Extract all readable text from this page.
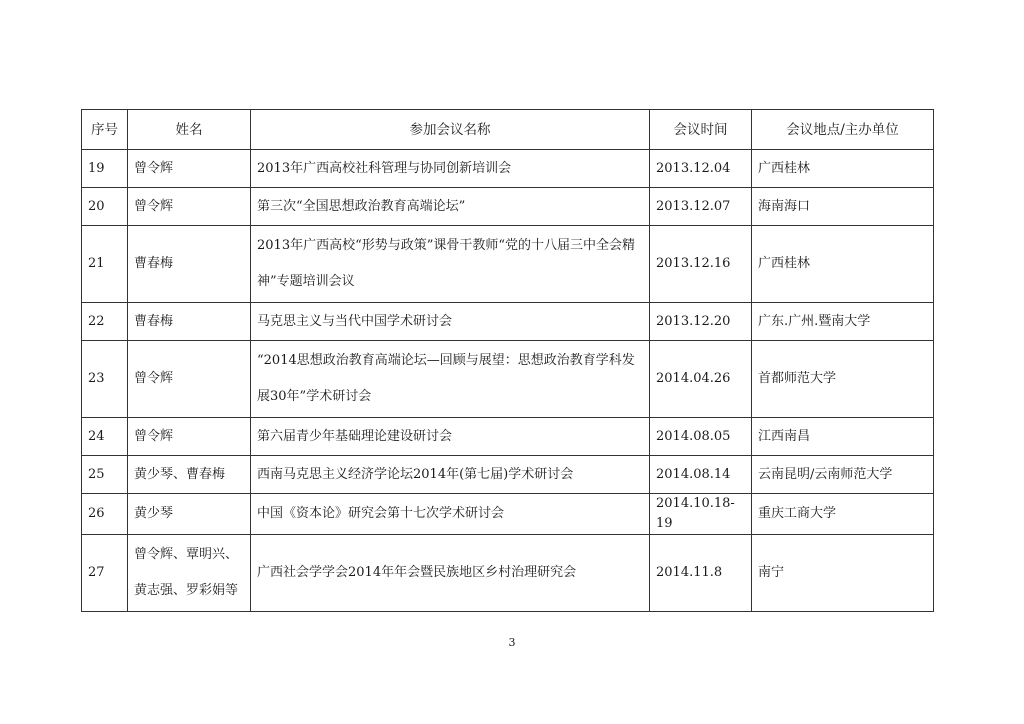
序号	姓名	参加会议名称	会议时间	会议地点/主办单位
19	曾令辉	2013年广西高校社科管理与协同创新培训会	2013.12.04	广西桂林
20	曾令辉	第三次“全国思想政治教育高端论坛”	2013.12.07	海南海口
21	曹春梅	2013年广西高校“形势与政策”课骨干教师“党的十八届三中全会精神”专题培训会议	2013.12.16	广西桂林
22	曹春梅	马克思主义与当代中国学术研讨会	2013.12.20	广东.广州.暨南大学
23	曾令辉	“2014思想政治教育高端论坛—回顾与展望：思想政治教育学科发展30年”学术研讨会	2014.04.26	首都师范大学
24	曾令辉	第六届青少年基础理论建设研讨会	2014.08.05	江西南昌
25	黄少琴、曹春梅	西南马克思主义经济学论坛2014年(第七届)学术研讨会	2014.08.14	云南昆明/云南师范大学
26	黄少琴	中国《资本论》研究会第十七次学术研讨会	2014.10.18-19	重庆工商大学
27	曾令辉、覃明兴、黄志强、罗彩娟等	广西社会学学会2014年年会暨民族地区乡村治理研究会	2014.11.8	南宁
3
